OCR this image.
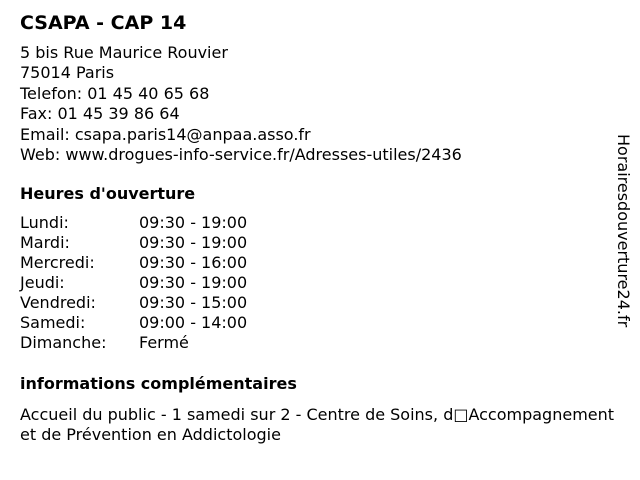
CSAPA - CAP 14
5 bis Rue Maurice Rouvier
75014 Paris
Telefon: 01 45 40 65 68
Fax: 01 45 39 86 64
Email: csapa.paris14@anpaa.asso.fr
Web: www.drogues-info-service.fr/Adresses-utiles/2436
Heures d'ouverture
Lundi:	09:30 - 19:00
Mardi:	09:30 - 19:00
Mercredi:	09:30 - 16:00
Jeudi:	09:30 - 19:00
Vendredi:	09:30 - 15:00
Samedi:	09:00 - 14:00
Dimanche:	Fermé
informations complémentaires
Accueil du public - 1 samedi sur 2 - Centre de Soins, d□Accompagnement et de Prévention en Addictologie
Horairesdouverture24.fr
